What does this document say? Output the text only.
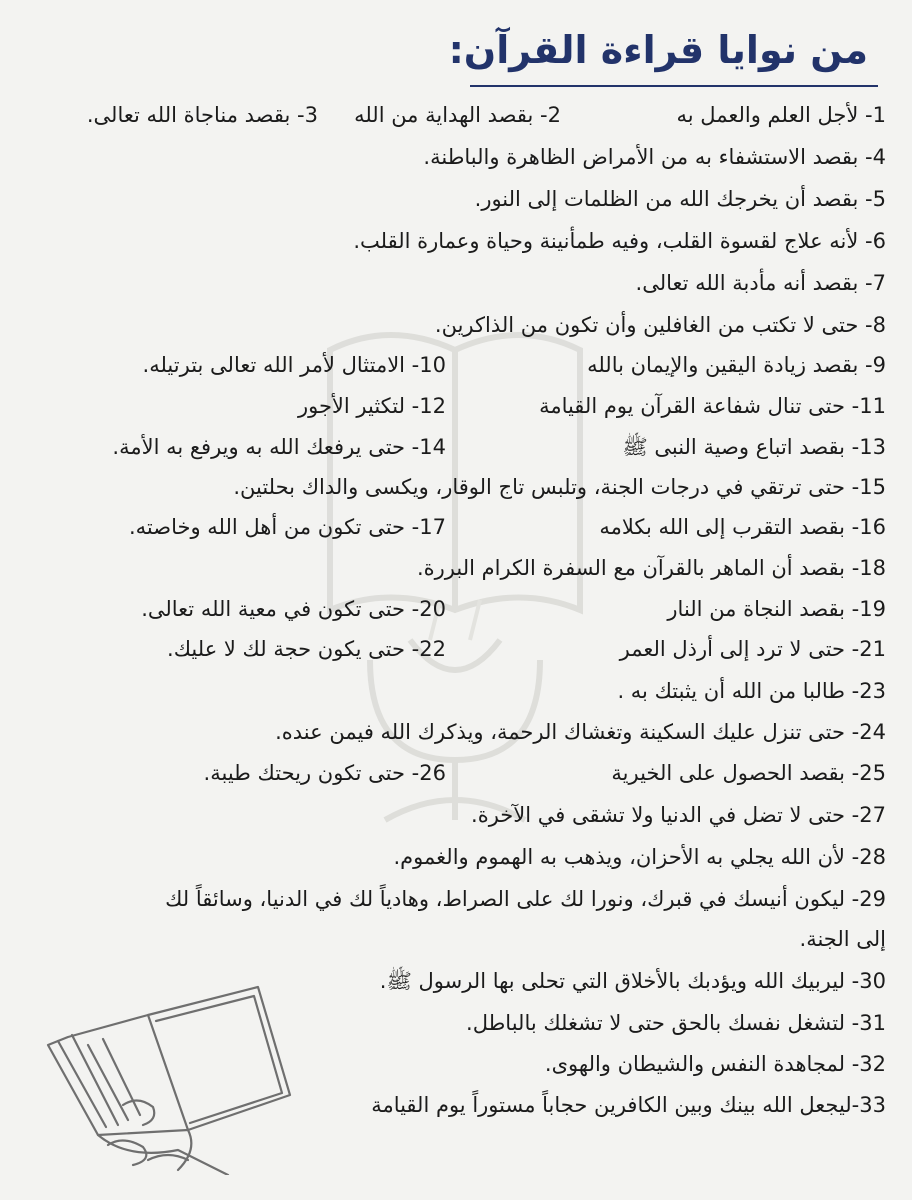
من نوايا قراءة القرآن:
1- لأجل العلم والعمل به
2- بقصد الهداية من الله
3- بقصد مناجاة الله تعالى.
4- بقصد الاستشفاء به من الأمراض الظاهرة والباطنة.
5- بقصد أن يخرجك الله من الظلمات إلى النور.
6- لأنه علاج لقسوة القلب، وفيه طمأنينة وحياة وعمارة القلب.
7- بقصد أنه مأدبة الله تعالى.
8- حتى لا تكتب من الغافلين وأن تكون من الذاكرين.
9- بقصد زيادة اليقين والإيمان بالله
10- الامتثال لأمر الله تعالى بترتيله.
11- حتى تنال شفاعة القرآن يوم القيامة
12- لتكثير الأجور
13- بقصد اتباع وصية النبى ﷺ
14- حتى يرفعك الله به ويرفع به الأمة.
15- حتى ترتقي في درجات الجنة، وتلبس تاج الوقار، ويكسى والداك بحلتين.
16- بقصد التقرب إلى الله بكلامه
17- حتى تكون من أهل الله وخاصته.
18- بقصد أن الماهر بالقرآن مع السفرة الكرام البررة.
19- بقصد النجاة من النار
20- حتى تكون في معية الله تعالى.
21- حتى لا ترد إلى أرذل العمر
22- حتى يكون حجة لك لا عليك.
23- طالبا من الله أن يثبتك به .
24- حتى تنزل عليك السكينة وتغشاك الرحمة، ويذكرك الله فيمن عنده.
25- بقصد الحصول على الخيرية
26- حتى تكون ريحتك طيبة.
27- حتى لا تضل في الدنيا ولا تشقى في الآخرة.
28- لأن الله يجلي به الأحزان، ويذهب به الهموم والغموم.
29- ليكون أنيسك في قبرك، ونورا لك على الصراط، وهادياً لك في الدنيا، وسائقاً لك
إلى الجنة.
30- ليربيك الله ويؤدبك بالأخلاق التي تحلى بها الرسول ﷺ.
31- لتشغل نفسك بالحق حتى لا تشغلك بالباطل.
32- لمجاهدة النفس والشيطان والهوى.
33-ليجعل الله بينك وبين الكافرين حجاباً مستوراً يوم القيامة
